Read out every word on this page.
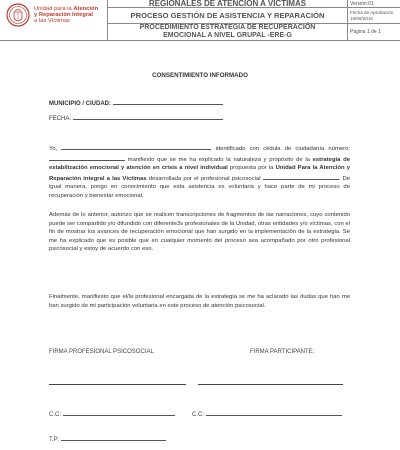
Unidad para la Atención
y Reparación Integral
a las Víctimas
REGIONALES DE ATENCIÓN A VÍCTIMAS	Versión:01
PROCESO GESTIÓN DE ASISTENCIA Y REPARACIÓN	Fecha de Aprobación
19/08/2015
PROCEDIMIENTO ESTRATEGIA DE RECUPERACIÓN
EMOCIONAL A NIVEL GRUPAL -ERE-G	Página 1 de 1
CONSENTIMIENTO INFORMADO
MUNICIPIO / CIUDAD:
FECHA:

Yo,	identificado con cédula de ciudadanía número: manifiesto que se me ha explicado la naturaleza y propósito de la estrategia de estabilización emocional y atención en crisis a nivel individual propuesta por la Unidad Para la Atención y Reparación integral a las Víctimas desarrollada por el profesional psicosocial	. De igual manera, pongo en conocimiento que esta asistencia es voluntaria y hace parte de mi proceso de recuperación y bienestar emocional.

Además de lo anterior, autorizo que se realicen transcripciones de fragmentos de las narraciones, cuyo contenido puede ser compartido y/o difundido con diferente3s profesionales de la Unidad, otras entidades y/o víctimas, con el fin de mostrar los avances de recuperación emocional que han surgido en la implementación de la estrategia. Se me ha explicado que es posible que en cualquier momento del proceso sea acompañado por otro profesional psicosocial y estoy de acuerdo con eso.

Finalmente, manifiesto que el/la profesional encargada de la estrategia se me ha aclarado las dudas que han me han surgido de mi participación voluntaria en este proceso de atención psicosocial.

FIRMA PROFESIONAL PSICOSOCIAL	FIRMA PARTICIPANTE:
C.C:	C.C:
T.P:
